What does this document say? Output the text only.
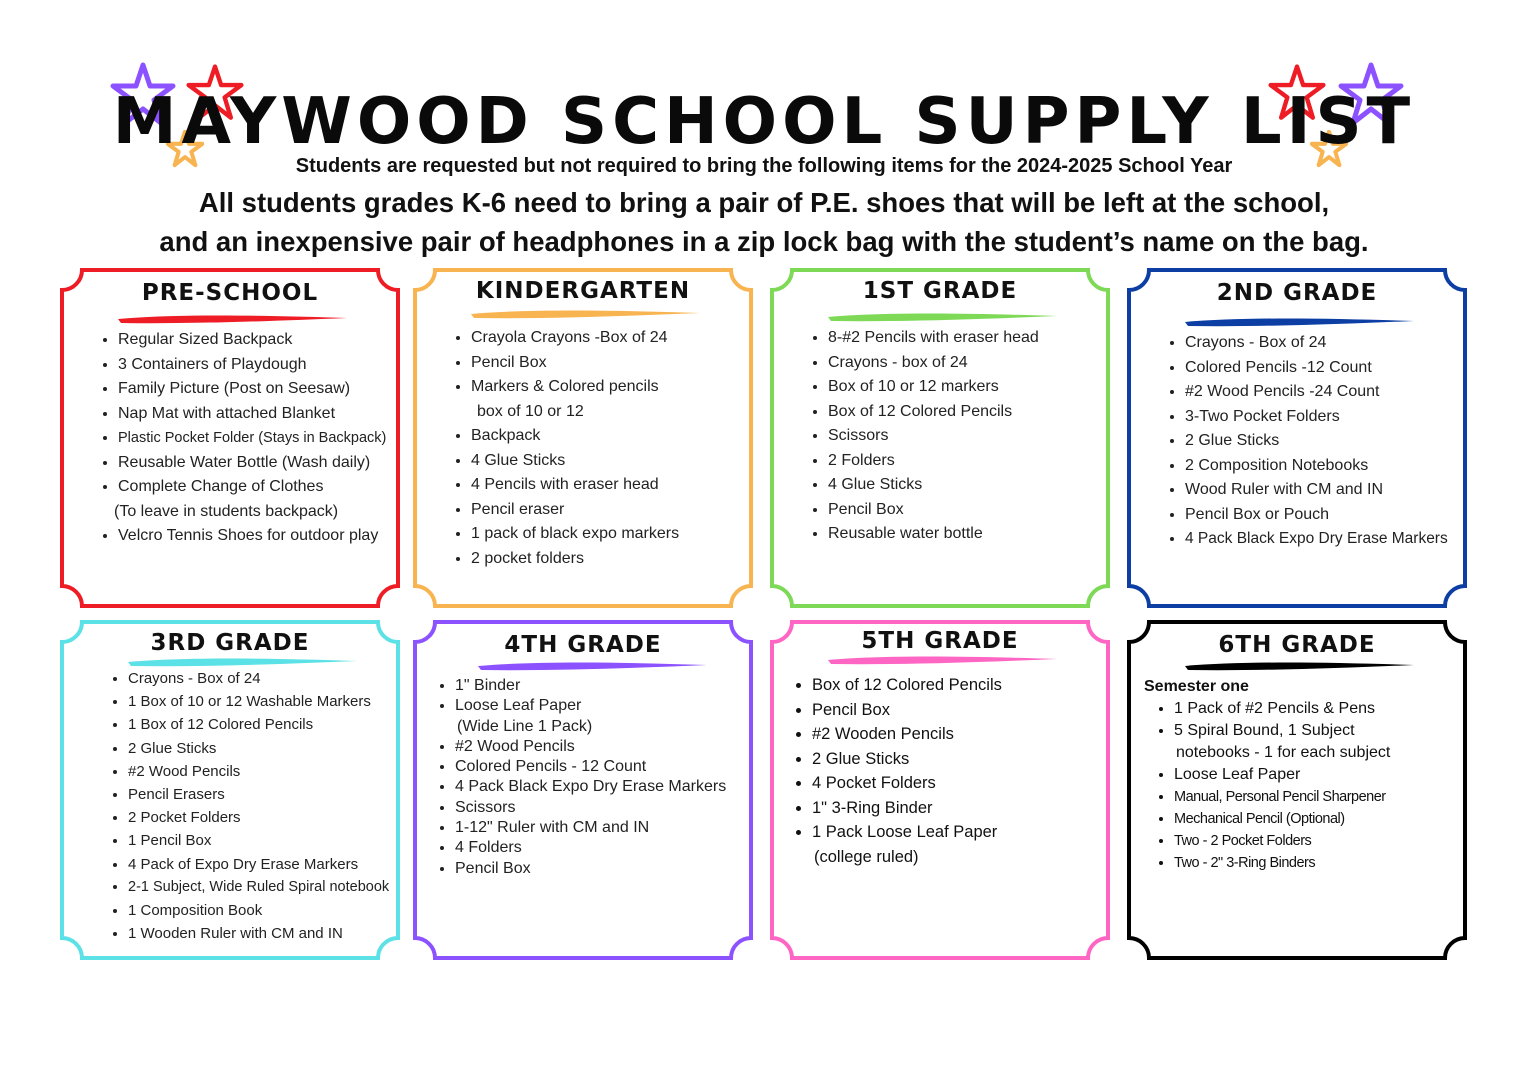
MAYWOOD SCHOOL SUPPLY LIST
Students are requested but not required to bring the following items for the 2024-2025 School Year
All students grades K-6 need to bring a pair of P.E. shoes that will be left at the school,
and an inexpensive pair of headphones in a zip lock bag with the student’s name on the bag.
PRE-SCHOOL
• Regular Sized Backpack
• 3 Containers of Playdough
• Family Picture (Post on Seesaw)
• Nap Mat with attached Blanket
• Plastic Pocket Folder (Stays in Backpack)
• Reusable Water Bottle (Wash daily)
• Complete Change of Clothes
(To leave in students backpack)
• Velcro Tennis Shoes for outdoor play
KINDERGARTEN
• Crayola Crayons -Box of 24
• Pencil Box
• Markers & Colored pencils
box of 10 or 12
• Backpack
• 4 Glue Sticks
• 4 Pencils with eraser head
• Pencil eraser
• 1 pack of black expo markers
• 2 pocket folders
1ST GRADE
• 8-#2 Pencils with eraser head
• Crayons - box of 24
• Box of 10 or 12 markers
• Box of 12 Colored Pencils
• Scissors
• 2 Folders
• 4 Glue Sticks
• Pencil Box
• Reusable water bottle
2ND GRADE
• Crayons - Box of 24
• Colored Pencils -12 Count
• #2 Wood Pencils -24 Count
• 3-Two Pocket Folders
• 2 Glue Sticks
• 2 Composition Notebooks
• Wood Ruler with CM and IN
• Pencil Box or Pouch
• 4 Pack Black Expo Dry Erase Markers
3RD GRADE
• Crayons - Box of 24
• 1 Box of 10 or 12 Washable Markers
• 1 Box of 12 Colored Pencils
• 2 Glue Sticks
• #2 Wood Pencils
• Pencil Erasers
• 2 Pocket Folders
• 1 Pencil Box
• 4 Pack of Expo Dry Erase Markers
• 2-1 Subject, Wide Ruled Spiral notebook
• 1 Composition Book
• 1 Wooden Ruler with CM and IN
4TH GRADE
• 1" Binder
• Loose Leaf Paper
(Wide Line 1 Pack)
• #2 Wood Pencils
• Colored Pencils - 12 Count
• 4 Pack Black Expo Dry Erase Markers
• Scissors
• 1-12" Ruler with CM and IN
• 4 Folders
• Pencil Box
5TH GRADE
• Box of 12 Colored Pencils
• Pencil Box
• #2 Wooden Pencils
• 2 Glue Sticks
• 4 Pocket Folders
• 1" 3-Ring Binder
• 1 Pack Loose Leaf Paper
(college ruled)
6TH GRADE
Semester one
• 1 Pack of #2 Pencils & Pens
• 5 Spiral Bound, 1 Subject
notebooks - 1 for each subject
• Loose Leaf Paper
• Manual, Personal Pencil Sharpener
• Mechanical Pencil (Optional)
• Two - 2 Pocket Folders
• Two - 2" 3-Ring Binders
